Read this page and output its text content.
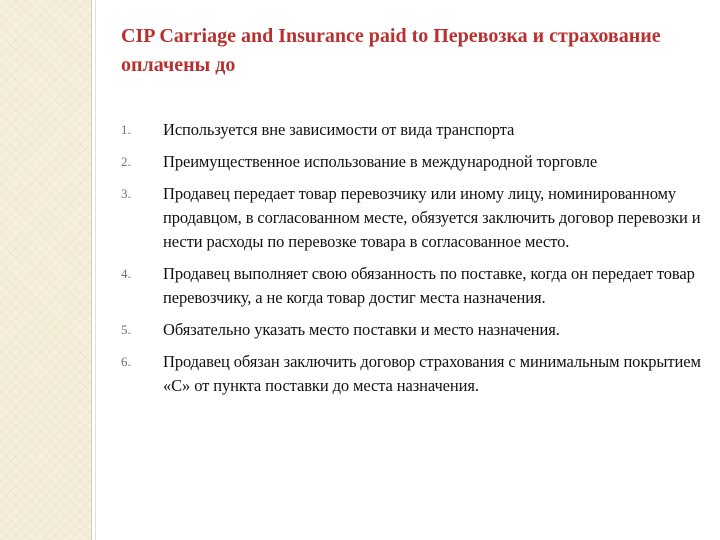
CIP Carriage and Insurance paid to Перевозка и страхование оплачены до
1.	Используется вне зависимости от вида транспорта
2.	Преимущественное использование в международной торговле
3.	Продавец передает товар перевозчику или иному лицу, номинированному продавцом, в согласованном месте, обязуется заключить договор перевозки и нести расходы по перевозке товара в согласованное место.
4.	Продавец выполняет свою обязанность по поставке, когда он передает товар перевозчику, а не когда товар достиг места назначения.
5.	Обязательно указать место поставки и место назначения.
6.	Продавец обязан заключить договор страхования с минимальным покрытием «С» от пункта поставки до места назначения.
